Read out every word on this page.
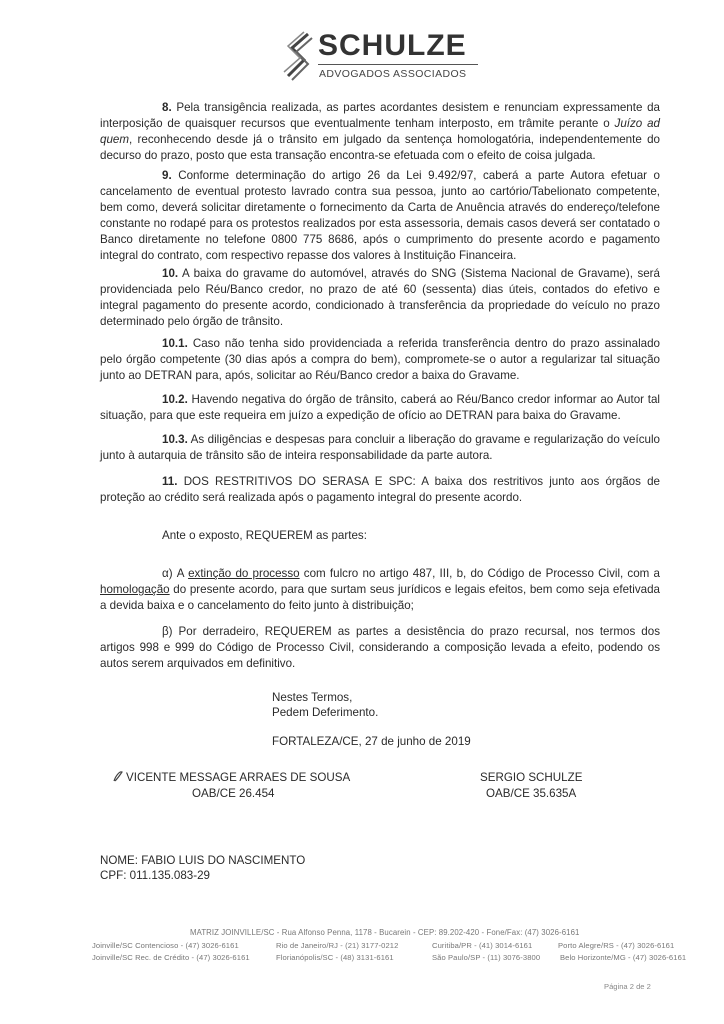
SCHULZE
ADVOGADOS ASSOCIADOS
8. Pela transigência realizada, as partes acordantes desistem e renunciam expressamente da interposição de quaisquer recursos que eventualmente tenham interposto, em trâmite perante o Juízo ad quem, reconhecendo desde já o trânsito em julgado da sentença homologatória, independentemente do decurso do prazo, posto que esta transação encontra-se efetuada com o efeito de coisa julgada.
9. Conforme determinação do artigo 26 da Lei 9.492/97, caberá a parte Autora efetuar o cancelamento de eventual protesto lavrado contra sua pessoa, junto ao cartório/Tabelionato competente, bem como, deverá solicitar diretamente o fornecimento da Carta de Anuência através do endereço/telefone constante no rodapé para os protestos realizados por esta assessoria, demais casos deverá ser contatado o Banco diretamente no telefone 0800 775 8686, após o cumprimento do presente acordo e pagamento integral do contrato, com respectivo repasse dos valores à Instituição Financeira.
10. A baixa do gravame do automóvel, através do SNG (Sistema Nacional de Gravame), será providenciada pelo Réu/Banco credor, no prazo de até 60 (sessenta) dias úteis, contados do efetivo e integral pagamento do presente acordo, condicionado à transferência da propriedade do veículo no prazo determinado pelo órgão de trânsito.
10.1. Caso não tenha sido providenciada a referida transferência dentro do prazo assinalado pelo órgão competente (30 dias após a compra do bem), compromete-se o autor a regularizar tal situação junto ao DETRAN para, após, solicitar ao Réu/Banco credor a baixa do Gravame.
10.2. Havendo negativa do órgão de trânsito, caberá ao Réu/Banco credor informar ao Autor tal situação, para que este requeira em juízo a expedição de ofício ao DETRAN para baixa do Gravame.
10.3. As diligências e despesas para concluir a liberação do gravame e regularização do veículo junto à autarquia de trânsito são de inteira responsabilidade da parte autora.
11. DOS RESTRITIVOS DO SERASA E SPC: A baixa dos restritivos junto aos órgãos de proteção ao crédito será realizada após o pagamento integral do presente acordo.
Ante o exposto, REQUEREM as partes:
α) A extinção do processo com fulcro no artigo 487, III, b, do Código de Processo Civil, com a homologação do presente acordo, para que surtam seus jurídicos e legais efeitos, bem como seja efetivada a devida baixa e o cancelamento do feito junto à distribuição;
β) Por derradeiro, REQUEREM as partes a desistência do prazo recursal, nos termos dos artigos 998 e 999 do Código de Processo Civil, considerando a composição levada a efeito, podendo os autos serem arquivados em definitivo.
Nestes Termos,
Pedem Deferimento.
FORTALEZA/CE, 27 de junho de 2019
VICENTE MESSAGE ARRAES DE SOUSA
OAB/CE 26.454
SERGIO SCHULZE
OAB/CE 35.635A
NOME: FABIO LUIS DO NASCIMENTO
CPF: 011.135.083-29
MATRIZ JOINVILLE/SC - Rua Alfonso Penna, 1178 - Bucarein - CEP: 89.202-420 - Fone/Fax: (47) 3026-6161
Joinville/SC Contencioso - (47) 3026-6161	Rio de Janeiro/RJ - (21) 3177-0212	Curitiba/PR - (41) 3014-6161	Porto Alegre/RS - (47) 3026-6161
Joinville/SC Rec. de Crédito - (47) 3026-6161	Florianópolis/SC - (48) 3131-6161	São Paulo/SP - (11) 3076-3800	Belo Horizonte/MG - (47) 3026-6161
Página 2 de 2
